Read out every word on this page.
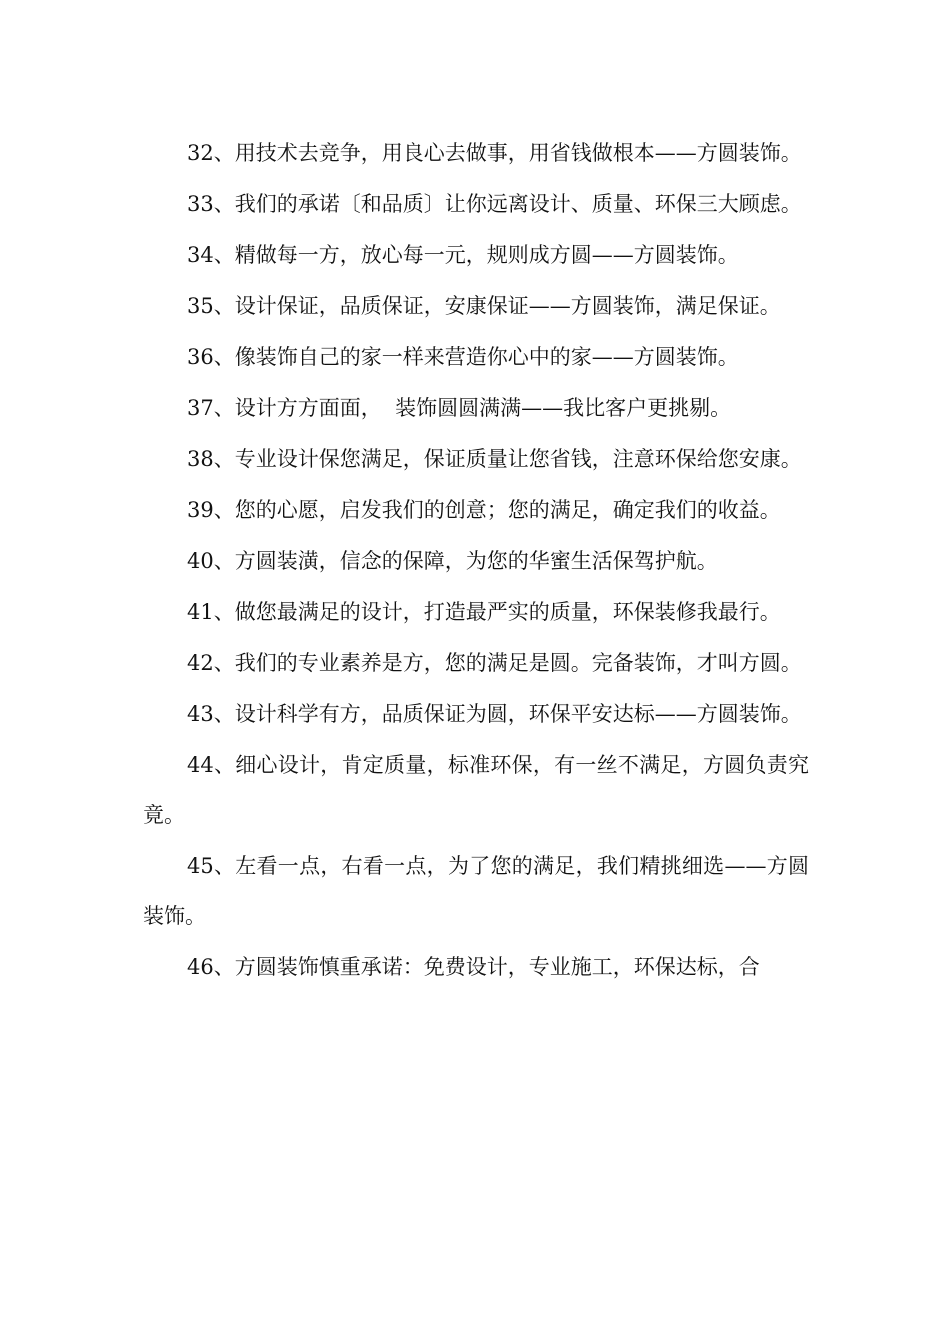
32、用技术去竞争，用良心去做事，用省钱做根本——方圆装饰。

33、我们的承诺〔和品质〕让你远离设计、质量、环保三大顾虑。

34、精做每一方，放心每一元，规则成方圆——方圆装饰。

35、设计保证，品质保证，安康保证——方圆装饰，满足保证。

36、像装饰自己的家一样来营造你心中的家——方圆装饰。

37、设计方方面面，  装饰圆圆满满——我比客户更挑剔。

38、专业设计保您满足，保证质量让您省钱，注意环保给您安康。

39、您的心愿，启发我们的创意；您的满足，确定我们的收益。

40、方圆装潢，信念的保障，为您的华蜜生活保驾护航。

41、做您最满足的设计，打造最严实的质量，环保装修我最行。

42、我们的专业素养是方，您的满足是圆。完备装饰，才叫方圆。

43、设计科学有方，品质保证为圆，环保平安达标——方圆装饰。

44、细心设计，肯定质量，标准环保，有一丝不满足，方圆负责究竟。

45、左看一点，右看一点，为了您的满足，我们精挑细选——方圆装饰。

46、方圆装饰慎重承诺：免费设计，专业施工，环保达标，合
